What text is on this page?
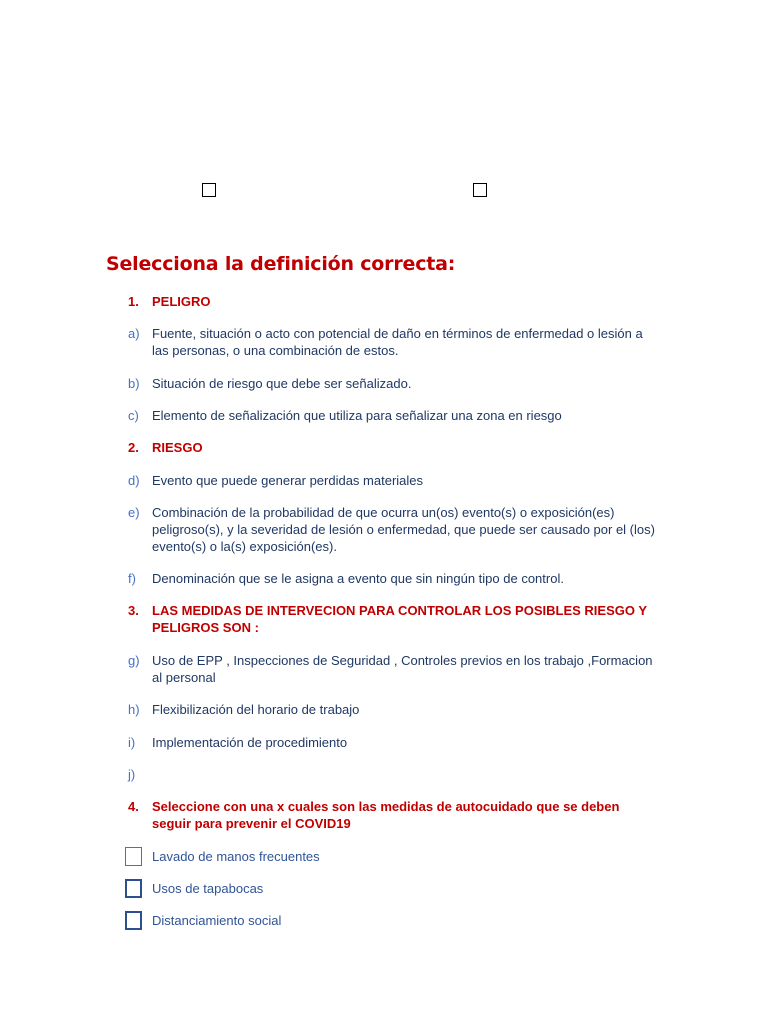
Selecciona la definición correcta:
1. PELIGRO
a) Fuente, situación o acto con potencial de daño en términos de enfermedad o lesión a las personas, o una combinación de estos.
b) Situación de riesgo que debe ser señalizado.
c) Elemento de señalización que utiliza para señalizar una zona en riesgo
2. RIESGO
d) Evento que puede generar perdidas materiales
e) Combinación de la probabilidad de que ocurra un(os) evento(s) o exposición(es) peligroso(s), y la severidad de lesión o enfermedad, que puede ser causado por el (los) evento(s) o la(s) exposición(es).
f) Denominación que se le asigna a evento que sin ningún tipo de control.
3. LAS MEDIDAS DE INTERVECION PARA CONTROLAR LOS POSIBLES RIESGO Y PELIGROS SON :
g) Uso de EPP , Inspecciones de Seguridad , Controles previos en los trabajo ,Formacion al personal
h) Flexibilización del horario de trabajo
i) Implementación de procedimiento
j)
4. Seleccione con una x cuales son las medidas de autocuidado que se deben seguir para prevenir el COVID19
Lavado de manos frecuentes
Usos de tapabocas
Distanciamiento social
